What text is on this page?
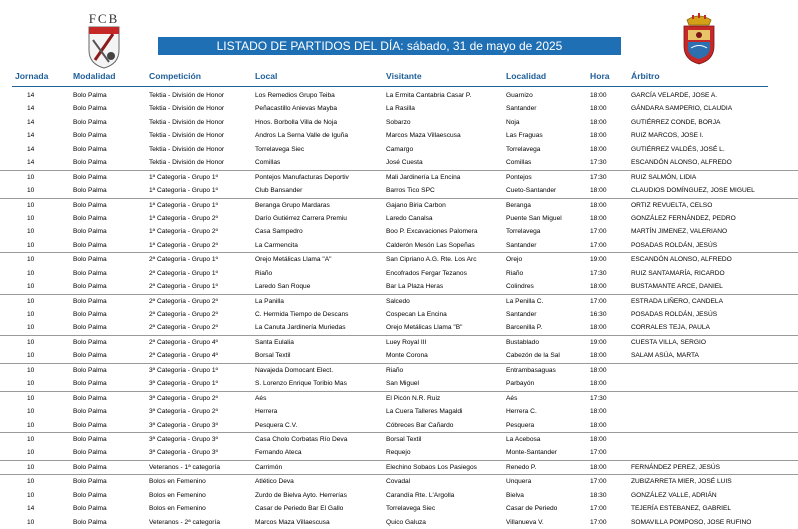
FCB
LISTADO DE PARTIDOS DEL DÍA: sábado, 31 de mayo de 2025
Jornada	Modalidad	Competición	Local	Visitante	Localidad	Hora Árbitro
14	Bolo Palma	Tektia - División de Honor	Los Remedios Grupo Teiba	La Ermita Cantabria Casar P.	Guarnizo	18:00	GARCÍA VELARDE, JOSE A.
14	Bolo Palma	Tektia - División de Honor	Peñacastillo Anievas Mayba	La Rasilla	Santander	18:00	GÁNDARA SAMPERIO, CLAUDIA
14	Bolo Palma	Tektia - División de Honor	Hnos. Borbolla Villa de Noja	Sobarzo	Noja	18:00	GUTIÉRREZ CONDE, BORJA
14	Bolo Palma	Tektia - División de Honor	Andros La Serna Valle de Iguña	Marcos Maza Villaescusa	Las Fraguas	18:00	RUIZ MARCOS, JOSE I.
14	Bolo Palma	Tektia - División de Honor	Torrelavega Siec	Camargo	Torrelavega	18:00	GUTIÉRREZ VALDÉS, JOSÉ L.
14	Bolo Palma	Tektia - División de Honor	Comillas	José Cuesta	Comillas	17:30	ESCANDÓN ALONSO, ALFREDO
10	Bolo Palma	1ª Categoría - Grupo 1º	Pontejos Manufacturas Deportiv	Mali Jardinería La Encina	Pontejos	17:30	RUIZ SALMÓN, LIDIA
10	Bolo Palma	1ª Categoría - Grupo 1º	Club Bansander	Barros Tico SPC	Cueto-Santander	18:00	CLAUDIOS DOMÍNGUEZ, JOSE MIGUEL
10	Bolo Palma	1ª Categoría - Grupo 1º	Beranga Grupo Mardaras	Gajano Biria Carbon	Beranga	18:00	ORTIZ REVUELTA, CELSO
10	Bolo Palma	1ª Categoría - Grupo 2º	Darío Gutiérrez Carrera Premiu	Laredo Canalsa	Puente San Miguel	18:00	GONZÁLEZ FERNÁNDEZ, PEDRO
10	Bolo Palma	1ª Categoría - Grupo 2º	Casa Sampedro	Boo P. Excavaciones Palomera	Torrelavega	17:00	MARTÍN JIMENEZ, VALERIANO
10	Bolo Palma	1ª Categoría - Grupo 2º	La Carmencita	Calderón Mesón Las Sopeñas	Santander	17:00	POSADAS ROLDÁN, JESÚS
10	Bolo Palma	2ª Categoría - Grupo 1º	Orejo Metálicas Llama "A"	San Cipriano A.G. Rte. Los Arc	Orejo	19:00	ESCANDÓN ALONSO, ALFREDO
10	Bolo Palma	2ª Categoría - Grupo 1º	Riaño	Encofrados Fergar Tezanos	Riaño	17:30	RUIZ SANTAMARÍA, RICARDO
10	Bolo Palma	2ª Categoría - Grupo 1º	Laredo San Roque	Bar La Plaza Heras	Colindres	18:00	BUSTAMANTE ARCE, DANIEL
10	Bolo Palma	2ª Categoría - Grupo 2º	La Panilla	Salcedo	La Penilla C.	17:00	ESTRADA LIÑERO, CANDELA
10	Bolo Palma	2ª Categoría - Grupo 2º	C. Hermida Tiempo de Descans	Cospecan La Encina	Santander	16:30	POSADAS ROLDÁN, JESÚS
10	Bolo Palma	2ª Categoría - Grupo 2º	La Canuta Jardinería Muriedas	Orejo Metálicas Llama "B"	Barcenilla P.	18:00	CORRALES TEJA, PAULA
10	Bolo Palma	2ª Categoría - Grupo 4º	Santa Eulalia	Luey Royal III	Bustablado	19:00	CUESTA VILLA, SERGIO
10	Bolo Palma	2ª Categoría - Grupo 4º	Borsal Textil	Monte Corona	Cabezón de la Sal	18:00	SALAM ASÚA, MARTA
10	Bolo Palma	3ª Categoría - Grupo 1º	Navajeda Domocant Elect.	Riaño	Entrambasaguas	18:00
10	Bolo Palma	3ª Categoría - Grupo 1º	S. Lorenzo Enrique Toribio Mas	San Miguel	Parbayón	18:00
10	Bolo Palma	3ª Categoría - Grupo 2º	Aés	El Picón N.R. Ruiz	Aés	17:30
10	Bolo Palma	3ª Categoría - Grupo 2º	Herrera	La Cuera Talleres Magaldi	Herrera C.	18:00
10	Bolo Palma	3ª Categoría - Grupo 3º	Pesquera C.V.	Cóbreces Bar Cañardo	Pesquera	18:00
10	Bolo Palma	3ª Categoría - Grupo 3º	Casa Cholo Corbatas Río Deva	Borsal Textil	La Acebosa	18:00
10	Bolo Palma	3ª Categoría - Grupo 3º	Fernando Ateca	Requejo	Monte-Santander	17:00
10	Bolo Palma	Veteranos - 1ª categoría	Carrimón	Elechino Sobaos Los Pasiegos	Renedo P.	18:00	FERNÁNDEZ PEREZ, JESÚS
10	Bolo Palma	Bolos en Femenino	Atlético Deva	Covadal	Unquera	17:00	ZUBIZARRETA MIER, JOSÉ LUIS
10	Bolo Palma	Bolos en Femenino	Zurdo de Bielva Ayto. Herrerías	Carandía Rte. L'Argolla	Bielva	18:30	GONZÁLEZ VALLE, ADRIÁN
14	Bolo Palma	Bolos en Femenino	Casar de Periedo Bar El Gallo	Torrelavega Siec	Casar de Periedo	17:00	TEJERÍA ESTEBANEZ, GABRIEL
10	Bolo Palma	Veteranos - 2ª categoría	Marcos Maza Villaescusa	Quico Galuza	Villanueva V.	17:00	SOMAVILLA POMPOSO, JOSE RUFINO
